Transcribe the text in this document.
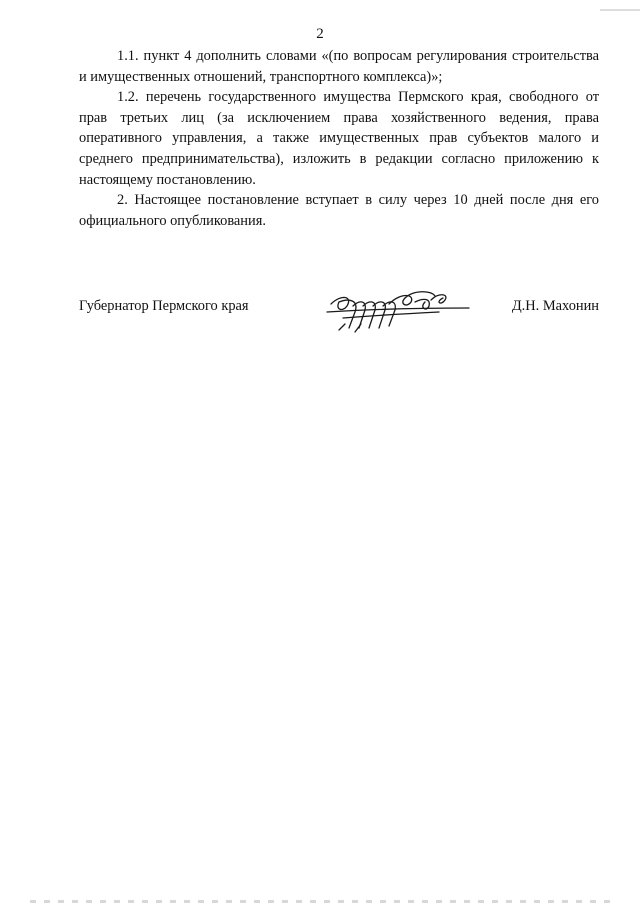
2

1.1. пункт 4 дополнить словами «(по вопросам регулирования строительства и имущественных отношений, транспортного комплекса)»;

1.2. перечень государственного имущества Пермского края, свободного от прав третьих лиц (за исключением права хозяйственного ведения, права оперативного управления, а также имущественных прав субъектов малого и среднего предпринимательства), изложить в редакции согласно приложению к настоящему постановлению.

2. Настоящее постановление вступает в силу через 10 дней после дня его официального опубликования.

Губернатор Пермского края	Д.Н. Махонин
